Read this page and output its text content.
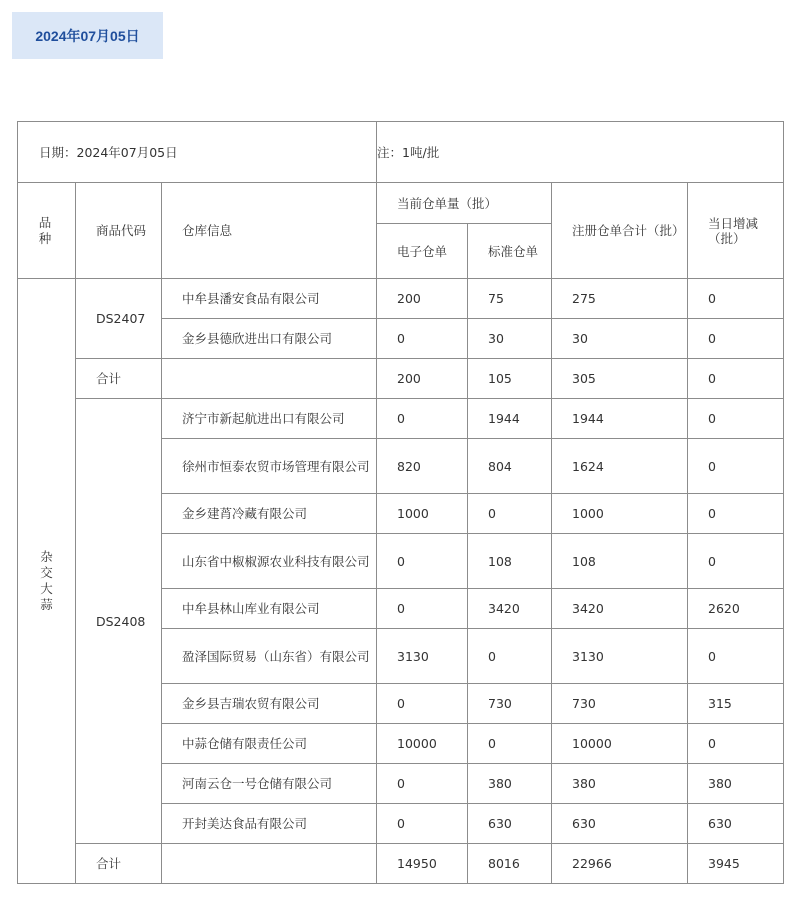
2024年07月05日
日期：2024年07月05日			注：1吨/批			
品种	商品代码	仓库信息	当前仓单量（批）		注册仓单合计（批）	当日增减（批）
			电子仓单	标准仓单		
杂交大蒜	DS2407	中牟县潘安食品有限公司	200	75	275	0
		金乡县德欣进出口有限公司	0	30	30	0
	合计		200	105	305	0
	DS2408	济宁市新起航进出口有限公司	0	1944	1944	0
		徐州市恒泰农贸市场管理有限公司	820	804	1624	0
		金乡建莦冷藏有限公司	1000	0	1000	0
		山东省中椒椒源农业科技有限公司	0	108	108	0
		中牟县林山库业有限公司	0	3420	3420	2620
		盈泽国际贸易（山东省）有限公司	3130	0	3130	0
		金乡县吉瑞农贸有限公司	0	730	730	315
		中蒜仓储有限责任公司	10000	0	10000	0
		河南云仓一号仓储有限公司	0	380	380	380
		开封美达食品有限公司	0	630	630	630
	合计		14950	8016	22966	3945
